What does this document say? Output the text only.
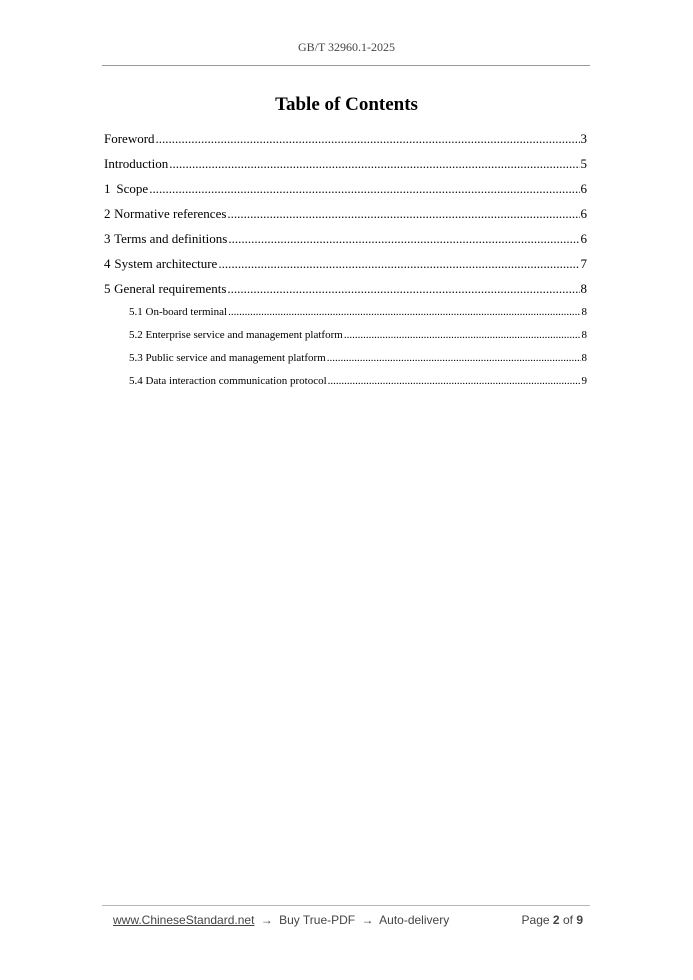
GB/T 32960.1-2025
Table of Contents
Foreword .....	3
Introduction .....	5
1 Scope .....	6
2 Normative references .....	6
3 Terms and definitions .....	6
4 System architecture .....	7
5 General requirements .....	8
5.1 On-board terminal .....	8
5.2 Enterprise service and management platform .....	8
5.3 Public service and management platform .....	8
5.4 Data interaction communication protocol .....	9
www.ChineseStandard.net → Buy True-PDF → Auto-delivery	Page 2 of 9
